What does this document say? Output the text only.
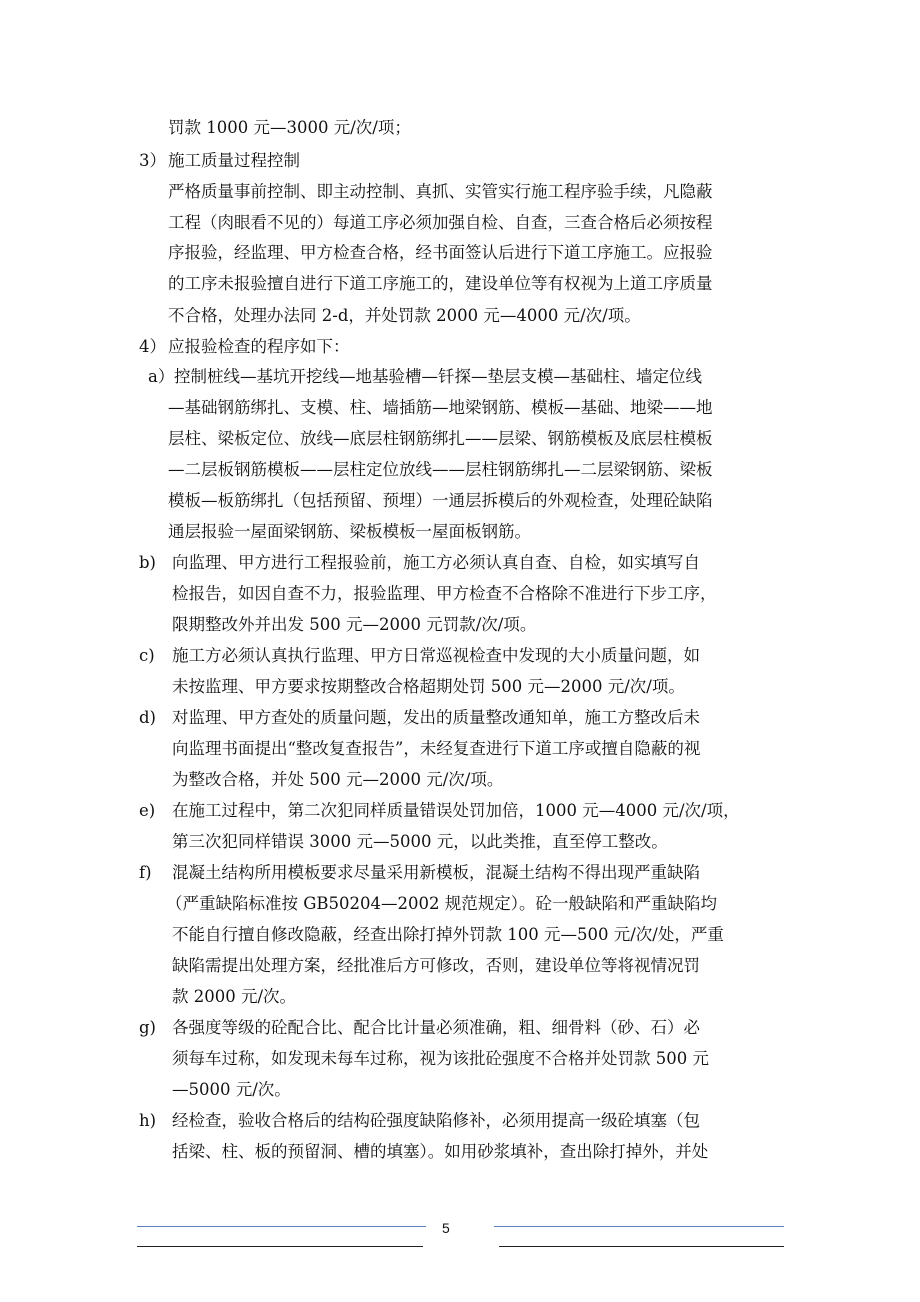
罚款 1000 元—3000 元/次/项；
3） 施工质量过程控制
严格质量事前控制、即主动控制、真抓、实管实行施工程序验手续，凡隐蔽
工程（肉眼看不见的）每道工序必须加强自检、自查，三查合格后必须按程
序报验，经监理、甲方检查合格，经书面签认后进行下道工序施工。应报验
的工序未报验擅自进行下道工序施工的，建设单位等有权视为上道工序质量
不合格，处理办法同 2-d，并处罚款 2000 元—4000 元/次/项。
4） 应报验检查的程序如下：
a） 控制桩线—基坑开挖线—地基验槽—钎探—垫层支模—基础柱、墙定位线
—基础钢筋绑扎、支模、柱、墙插筋—地梁钢筋、模板—基础、地梁——地
层柱、梁板定位、放线—底层柱钢筋绑扎——层梁、钢筋模板及底层柱模板
—二层板钢筋模板——层柱定位放线——层柱钢筋绑扎—二层梁钢筋、梁板
模板—板筋绑扎（包括预留、预埋）一通层拆模后的外观检查，处理砼缺陷
通层报验一屋面梁钢筋、梁板模板一屋面板钢筋。
b) 向监理、甲方进行工程报验前，施工方必须认真自查、自检，如实填写自
检报告，如因自查不力，报验监理、甲方检查不合格除不准进行下步工序，
限期整改外并出发 500 元—2000 元罚款/次/项。
c) 施工方必须认真执行监理、甲方日常巡视检查中发现的大小质量问题，如
未按监理、甲方要求按期整改合格超期处罚 500 元—2000 元/次/项。
d) 对监理、甲方查处的质量问题，发出的质量整改通知单，施工方整改后未
向监理书面提出“整改复查报告”，未经复查进行下道工序或擅自隐蔽的视
为整改合格，并处 500 元—2000 元/次/项。
e) 在施工过程中，第二次犯同样质量错误处罚加倍，1000 元—4000 元/次/项，
第三次犯同样错误 3000 元—5000 元，以此类推，直至停工整改。
f) 混凝土结构所用模板要求尽量采用新模板，混凝土结构不得出现严重缺陷
（严重缺陷标准按 GB50204—2002 规范规定）。砼一般缺陷和严重缺陷均
不能自行擅自修改隐蔽，经查出除打掉外罚款 100 元—500 元/次/处，严重
缺陷需提出处理方案，经批准后方可修改，否则，建设单位等将视情况罚
款 2000 元/次。
g) 各强度等级的砼配合比、配合比计量必须准确，粗、细骨料（砂、石）必
须每车过称，如发现未每车过称，视为该批砼强度不合格并处罚款 500 元
—5000 元/次。
h) 经检查，验收合格后的结构砼强度缺陷修补，必须用提高一级砼填塞（包
括梁、柱、板的预留洞、槽的填塞）。如用砂浆填补，查出除打掉外，并处
5
